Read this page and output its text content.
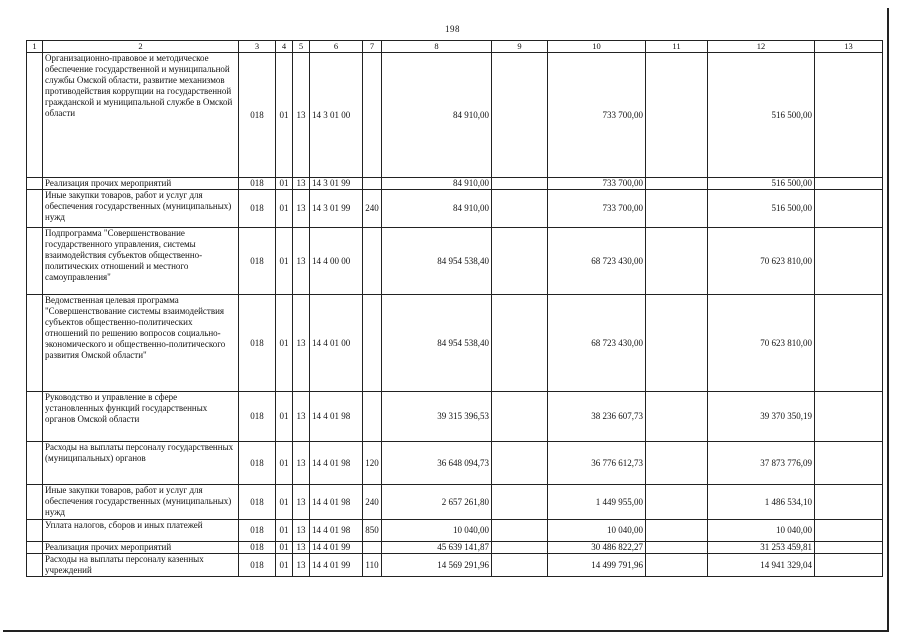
198
1	2	3	4	5	6	7	8	9	10	11	12	13
	Организационно-правовое и методическое обеспечение государственной и муниципальной службы Омской области, развитие механизмов противодействия коррупции на государственной гражданской и муниципальной службе в Омской области	018	01	13	14 3 01 00		84 910,00		733 700,00		516 500,00	
	Реализация прочих мероприятий	018	01	13	14 3 01 99		84 910,00		733 700,00		516 500,00	
	Иные закупки товаров, работ и услуг для обеспечения государственных (муниципальных) нужд	018	01	13	14 3 01 99	240	84 910,00		733 700,00		516 500,00	
	Подпрограмма "Совершенствование государственного управления, системы взаимодействия субъектов общественно-политических отношений и местного самоуправления"	018	01	13	14 4 00 00		84 954 538,40		68 723 430,00		70 623 810,00	
	Ведомственная целевая программа "Совершенствование системы взаимодействия субъектов общественно-политических отношений по решению вопросов социально-экономического и общественно-политического развития Омской области"	018	01	13	14 4 01 00		84 954 538,40		68 723 430,00		70 623 810,00	
	Руководство и управление в сфере установленных функций государственных органов Омской области	018	01	13	14 4 01 98		39 315 396,53		38 236 607,73		39 370 350,19	
	Расходы на выплаты персоналу государственных (муниципальных) органов	018	01	13	14 4 01 98	120	36 648 094,73		36 776 612,73		37 873 776,09	
	Иные закупки товаров, работ и услуг для обеспечения государственных (муниципальных) нужд	018	01	13	14 4 01 98	240	2 657 261,80		1 449 955,00		1 486 534,10	
	Уплата налогов, сборов и иных платежей	018	01	13	14 4 01 98	850	10 040,00		10 040,00		10 040,00	
	Реализация прочих мероприятий	018	01	13	14 4 01 99		45 639 141,87		30 486 822,27		31 253 459,81	
	Расходы на выплаты персоналу казенных учреждений	018	01	13	14 4 01 99	110	14 569 291,96		14 499 791,96		14 941 329,04	
